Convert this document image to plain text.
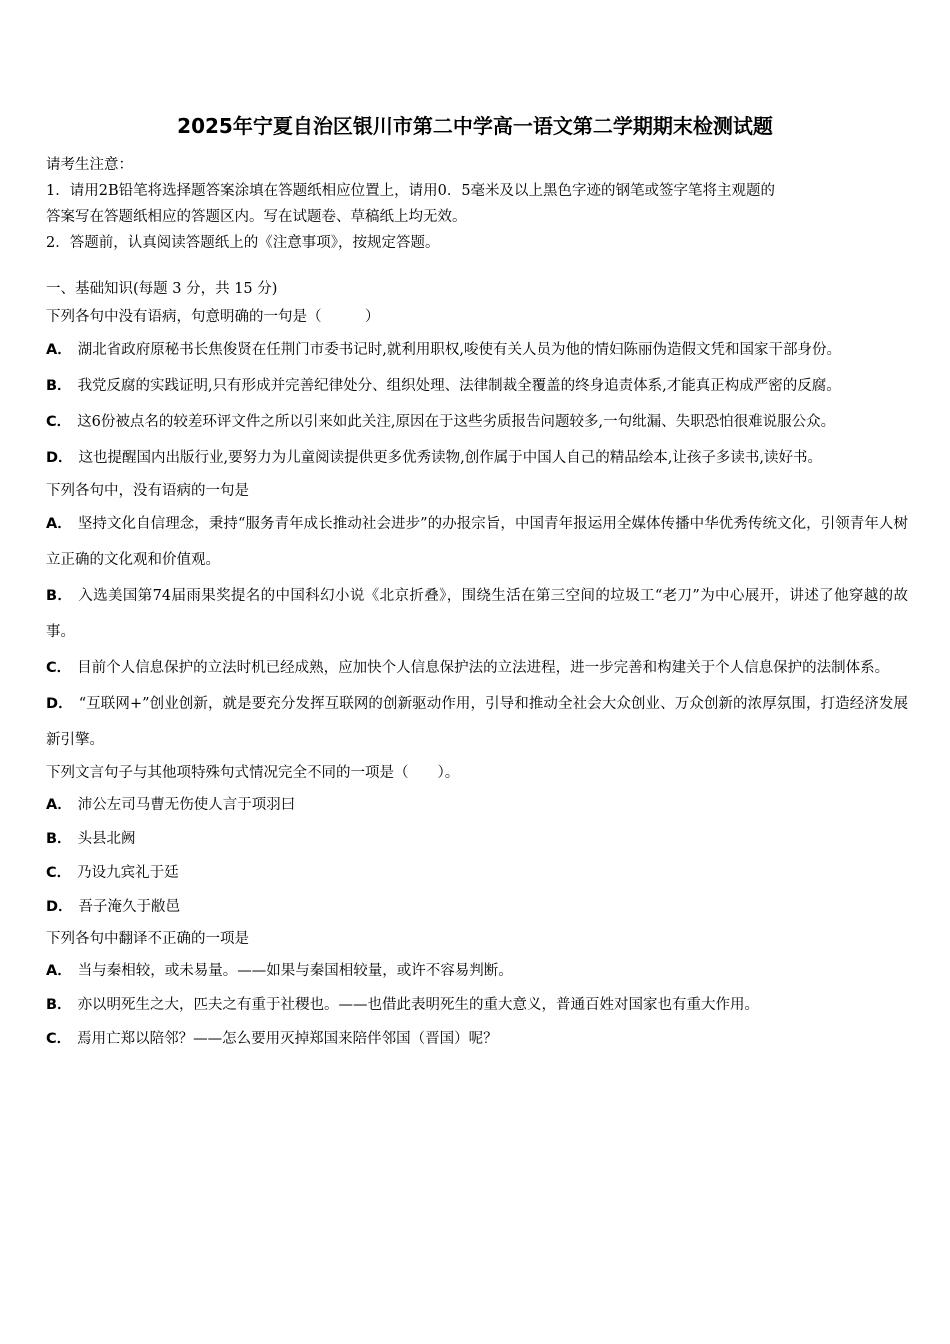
2025年宁夏自治区银川市第二中学高一语文第二学期期末检测试题
请考生注意：
1．请用2B铅笔将选择题答案涂填在答题纸相应位置上，请用0．5毫米及以上黑色字迹的钢笔或签字笔将主观题的
答案写在答题纸相应的答题区内。写在试题卷、草稿纸上均无效。
2．答题前，认真阅读答题纸上的《注意事项》，按规定答题。
一、基础知识(每题 3 分，共 15 分)
下列各句中没有语病，句意明确的一句是（　　　）
A． 湖北省政府原秘书长焦俊贤在任荆门市委书记时,就利用职权,唆使有关人员为他的情妇陈丽伪造假文凭和国家干部身份。
B． 我党反腐的实践证明,只有形成并完善纪律处分、组织处理、法律制裁全覆盖的终身追责体系,才能真正构成严密的反腐。
C． 这6份被点名的较差环评文件之所以引来如此关注,原因在于这些劣质报告问题较多,一句纰漏、失职恐怕很难说服公众。
D． 这也提醒国内出版行业,要努力为儿童阅读提供更多优秀读物,创作属于中国人自己的精品绘本,让孩子多读书,读好书。
下列各句中，没有语病的一句是
A． 坚持文化自信理念，秉持“服务青年成长推动社会进步”的办报宗旨，中国青年报运用全媒体传播中华优秀传统文化，引领青年人树立正确的文化观和价值观。
B． 入选美国第74届雨果奖提名的中国科幻小说《北京折叠》，围绕生活在第三空间的垃圾工“老刀”为中心展开，讲述了他穿越的故事。
C． 目前个人信息保护的立法时机已经成熟，应加快个人信息保护法的立法进程，进一步完善和构建关于个人信息保护的法制体系。
D． “互联网+”创业创新，就是要充分发挥互联网的创新驱动作用，引导和推动全社会大众创业、万众创新的浓厚氛围，打造经济发展新引擎。
下列文言句子与其他项特殊句式情况完全不同的一项是（　　）。
A． 沛公左司马曹无伤使人言于项羽曰
B． 头县北阙
C． 乃设九宾礼于廷
D． 吾子淹久于敝邑
下列各句中翻译不正确的一项是
A． 当与秦相较，或未易量。——如果与秦国相较量，或许不容易判断。
B． 亦以明死生之大，匹夫之有重于社稷也。——也借此表明死生的重大意义，普通百姓对国家也有重大作用。
C． 焉用亡郑以陪邻？——怎么要用灭掉郑国来陪伴邻国（晋国）呢？
